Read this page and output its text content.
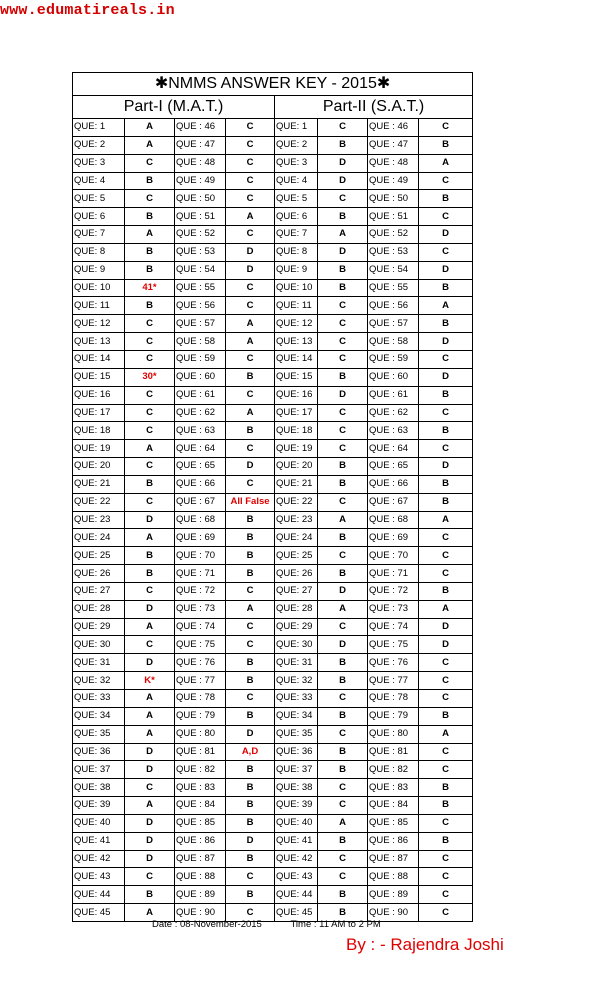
www.edumatireals.in
✱NMMS ANSWER KEY - 2015✱							
Part-I (M.A.T.)				Part-II (S.A.T.)			
QUE: 1	A	QUE : 46	C	QUE: 1	C	QUE : 46	C
QUE: 2	A	QUE : 47	C	QUE: 2	B	QUE : 47	B
QUE: 3	C	QUE : 48	C	QUE: 3	D	QUE : 48	A
QUE: 4	B	QUE : 49	C	QUE: 4	D	QUE : 49	C
QUE: 5	C	QUE : 50	C	QUE: 5	C	QUE : 50	B
QUE: 6	B	QUE : 51	A	QUE: 6	B	QUE : 51	C
QUE: 7	A	QUE : 52	C	QUE: 7	A	QUE : 52	D
QUE: 8	B	QUE : 53	D	QUE: 8	D	QUE : 53	C
QUE: 9	B	QUE : 54	D	QUE: 9	B	QUE : 54	D
QUE: 10	41*	QUE : 55	C	QUE: 10	B	QUE : 55	B
QUE: 11	B	QUE : 56	C	QUE: 11	C	QUE : 56	A
QUE: 12	C	QUE : 57	A	QUE: 12	C	QUE : 57	B
QUE: 13	C	QUE : 58	A	QUE: 13	C	QUE : 58	D
QUE: 14	C	QUE : 59	C	QUE: 14	C	QUE : 59	C
QUE: 15	30*	QUE : 60	B	QUE: 15	B	QUE : 60	D
QUE: 16	C	QUE : 61	C	QUE: 16	D	QUE : 61	B
QUE: 17	C	QUE : 62	A	QUE: 17	C	QUE : 62	C
QUE: 18	C	QUE : 63	B	QUE: 18	C	QUE : 63	B
QUE: 19	A	QUE : 64	C	QUE: 19	C	QUE : 64	C
QUE: 20	C	QUE : 65	D	QUE: 20	B	QUE : 65	D
QUE: 21	B	QUE : 66	C	QUE: 21	B	QUE : 66	B
QUE: 22	C	QUE : 67	All False	QUE: 22	C	QUE : 67	B
QUE: 23	D	QUE : 68	B	QUE: 23	A	QUE : 68	A
QUE: 24	A	QUE : 69	B	QUE: 24	B	QUE : 69	C
QUE: 25	B	QUE : 70	B	QUE: 25	C	QUE : 70	C
QUE: 26	B	QUE : 71	B	QUE: 26	B	QUE : 71	C
QUE: 27	C	QUE : 72	C	QUE: 27	D	QUE : 72	B
QUE: 28	D	QUE : 73	A	QUE: 28	A	QUE : 73	A
QUE: 29	A	QUE : 74	C	QUE: 29	C	QUE : 74	D
QUE: 30	C	QUE : 75	C	QUE: 30	D	QUE : 75	D
QUE: 31	D	QUE : 76	B	QUE: 31	B	QUE : 76	C
QUE: 32	K*	QUE : 77	B	QUE: 32	B	QUE : 77	C
QUE: 33	A	QUE : 78	C	QUE: 33	C	QUE : 78	C
QUE: 34	A	QUE : 79	B	QUE: 34	B	QUE : 79	B
QUE: 35	A	QUE : 80	D	QUE: 35	C	QUE : 80	A
QUE: 36	D	QUE : 81	A,D	QUE: 36	B	QUE : 81	C
QUE: 37	D	QUE : 82	B	QUE: 37	B	QUE : 82	C
QUE: 38	C	QUE : 83	B	QUE: 38	C	QUE : 83	B
QUE: 39	A	QUE : 84	B	QUE: 39	C	QUE : 84	B
QUE: 40	D	QUE : 85	B	QUE: 40	A	QUE : 85	C
QUE: 41	D	QUE : 86	D	QUE: 41	B	QUE : 86	B
QUE: 42	D	QUE : 87	B	QUE: 42	C	QUE : 87	C
QUE: 43	C	QUE : 88	C	QUE: 43	C	QUE : 88	C
QUE: 44	B	QUE : 89	B	QUE: 44	B	QUE : 89	C
QUE: 45	A	QUE : 90	C	QUE: 45	B	QUE : 90	C
Date : 08-November-2015	Time : 11 AM to 2 PM
By : - Rajendra Joshi
